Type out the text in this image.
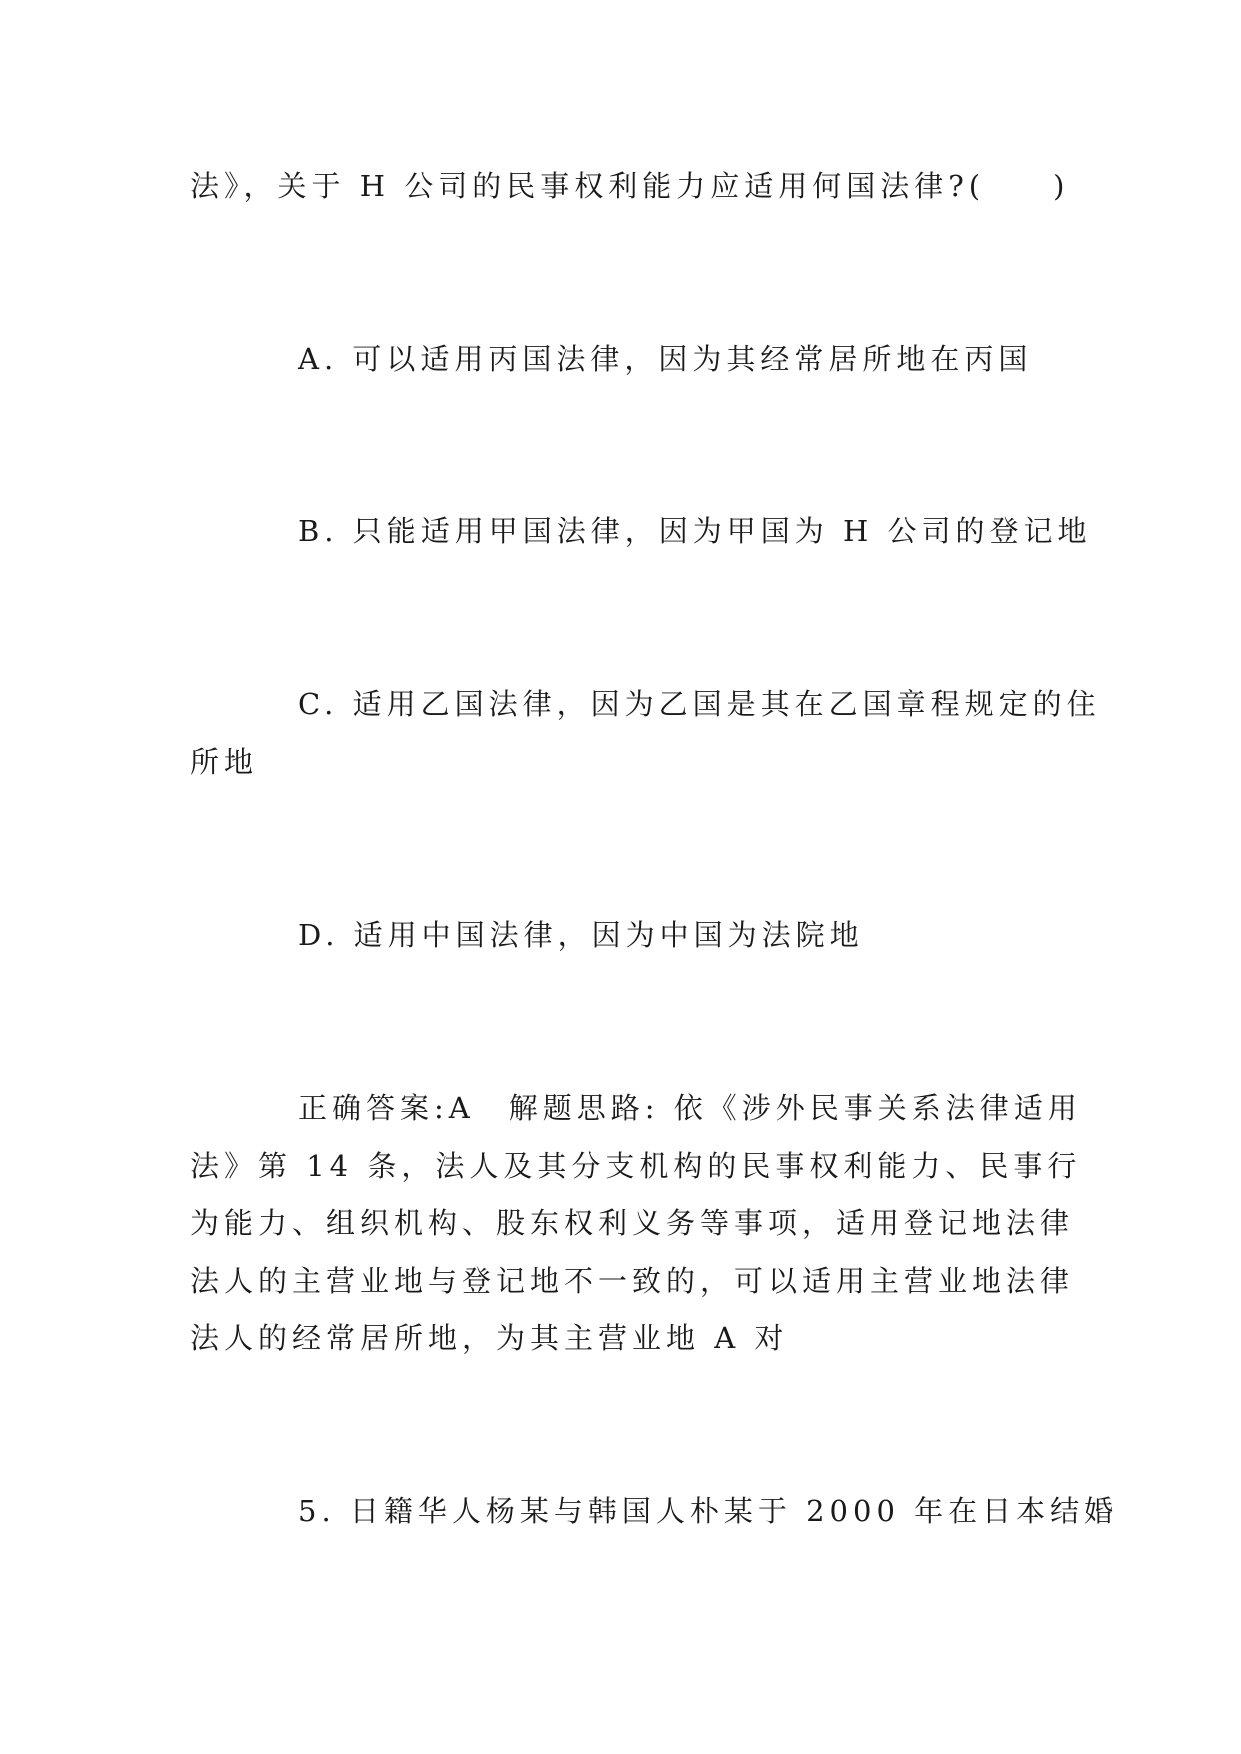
法》，关于 H 公司的民事权利能力应适用何国法律?(　　)
A. 可以适用丙国法律，因为其经常居所地在丙国
B. 只能适用甲国法律，因为甲国为 H 公司的登记地
C. 适用乙国法律，因为乙国是其在乙国章程规定的住
所地
D. 适用中国法律，因为中国为法院地
正确答案:A　解题思路: 依《涉外民事关系法律适用
法》第 14 条，法人及其分支机构的民事权利能力、民事行
为能力、组织机构、股东权利义务等事项，适用登记地法律
法人的主营业地与登记地不一致的，可以适用主营业地法律
法人的经常居所地，为其主营业地 A 对
5. 日籍华人杨某与韩国人朴某于 2000 年在日本结婚
